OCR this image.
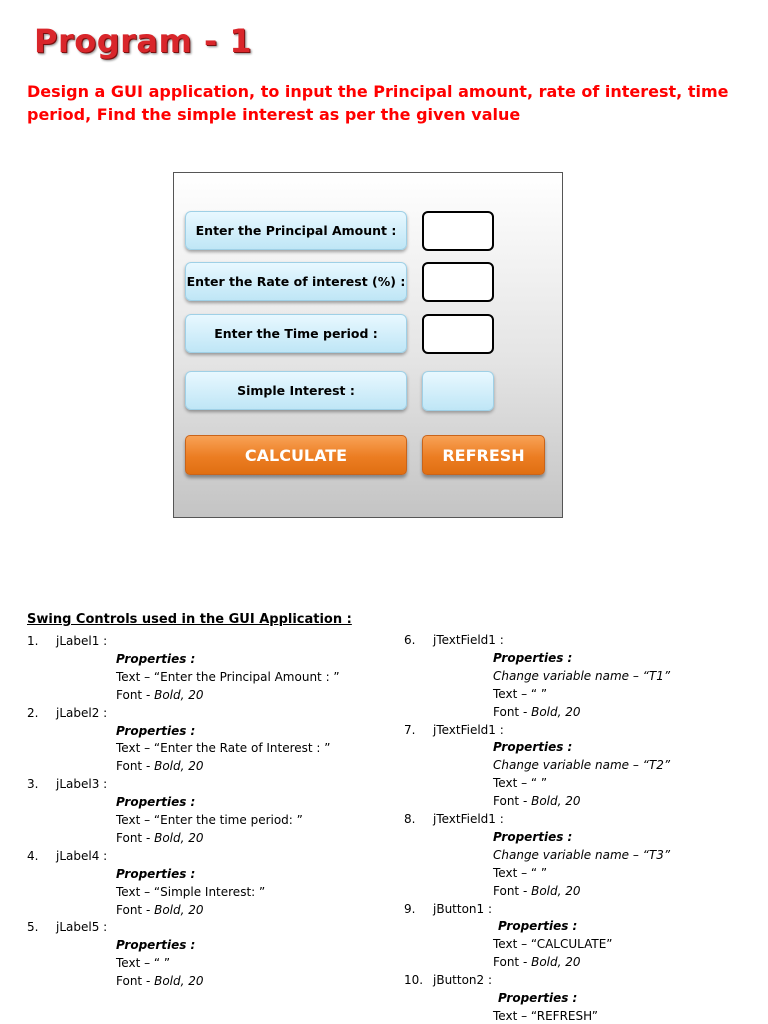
Program - 1
Design a GUI application, to input the Principal amount, rate of interest, time period, Find the simple interest as per the given value
Enter the Principal Amount :
Enter the Rate of interest (%) :
Enter the Time period :
Simple Interest :
CALCULATE	REFRESH
Swing Controls used in the GUI Application :
1. jLabel1 :
Properties :
Text – “Enter the Principal Amount : ”
Font - Bold, 20
2. jLabel2 :
Properties :
Text – “Enter the Rate of Interest : ”
Font - Bold, 20
3. jLabel3 :
Properties :
Text – “Enter the time period: ”
Font - Bold, 20
4. jLabel4 :
Properties :
Text – “Simple Interest: ”
Font - Bold, 20
5. jLabel5 :
Properties :
Text – “ ”
Font - Bold, 20
6. jTextField1 :
Properties :
Change variable name – “T1”
Text – “ ”
Font - Bold, 20
7. jTextField1 :
Properties :
Change variable name – “T2”
Text – “ ”
Font - Bold, 20
8. jTextField1 :
Properties :
Change variable name – “T3”
Text – “ ”
Font - Bold, 20
9. jButton1 :
Properties :
Text – “CALCULATE”
Font - Bold, 20
10. jButton2 :
Properties :
Text – “REFRESH”
